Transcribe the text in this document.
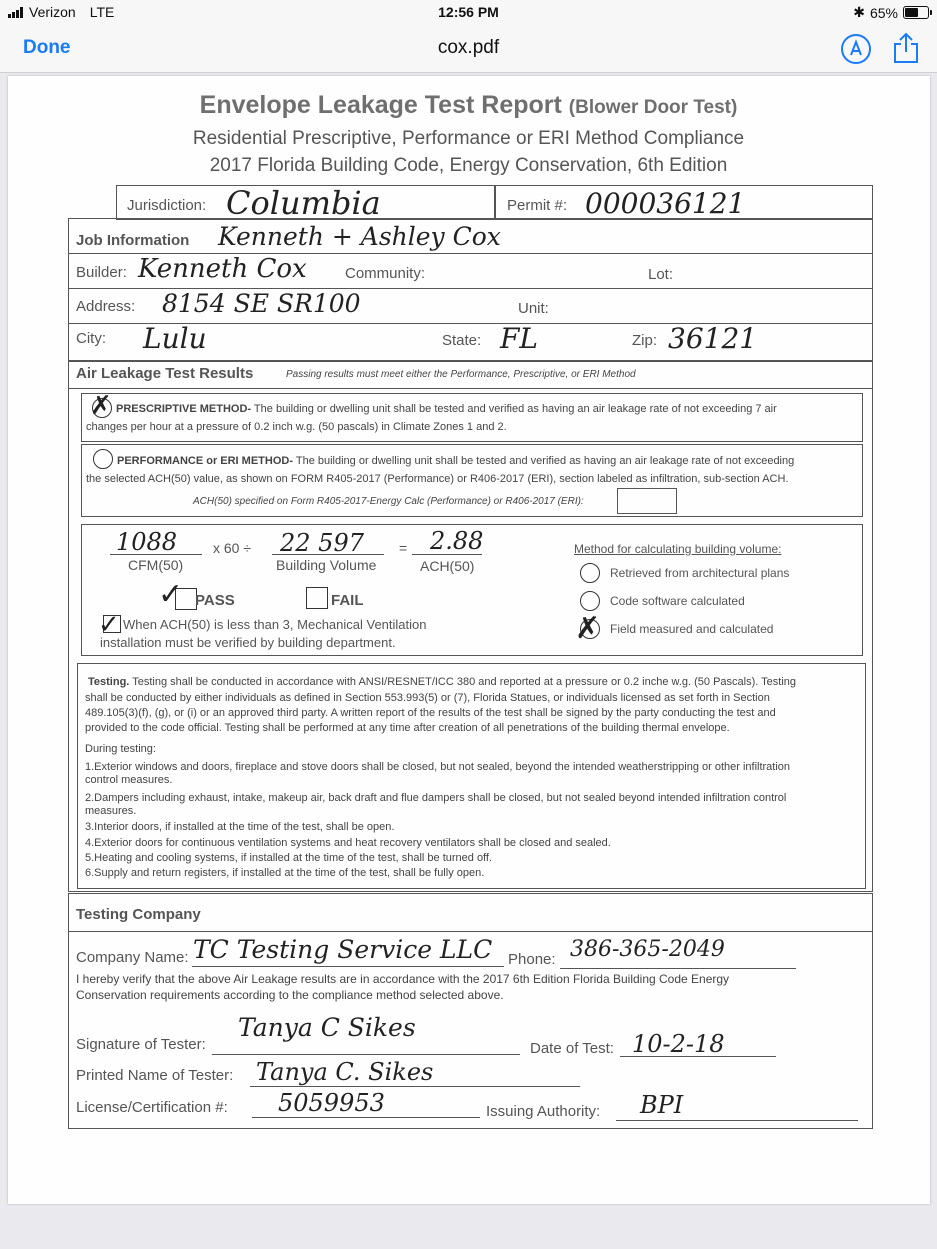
Verizon LTE	12:56 PM	✱ 65%
Done	cox.pdf
Envelope Leakage Test Report (Blower Door Test)
Residential Prescriptive, Performance or ERI Method Compliance
2017 Florida Building Code, Energy Conservation, 6th Edition
Jurisdiction: Columbia	Permit #: 000036121
Job Information Kenneth + Ashley Cox
Builder: Kenneth Cox	Community:	Lot:
Address: 8154 SE SR100	Unit:
City: Lulu	State: FL	Zip: 36121
Air Leakage Test Results	Passing results must meet either the Performance, Prescriptive, or ERI Method
✗ PRESCRIPTIVE METHOD- The building or dwelling unit shall be tested and verified as having an air leakage rate of not exceeding 7 air
changes per hour at a pressure of 0.2 inch w.g. (50 pascals) in Climate Zones 1 and 2.
PERFORMANCE or ERI METHOD- The building or dwelling unit shall be tested and verified as having an air leakage rate of not exceeding
the selected ACH(50) value, as shown on FORM R405-2017 (Performance) or R406-2017 (ERI), section labeled as infiltration, sub-section ACH.
ACH(50) specified on Form R405-2017-Energy Calc (Performance) or R406-2017 (ERI):
1088
CFM(50)
x 60 ÷ 22 597
Building Volume
= 2.88
ACH(50)
✓ PASS	FAIL
✓ When ACH(50) is less than 3, Mechanical Ventilation
installation must be verified by building department.
Method for calculating building volume:
Retrieved from architectural plans
Code software calculated
✗ Field measured and calculated
Testing. Testing shall be conducted in accordance with ANSI/RESNET/ICC 380 and reported at a pressure or 0.2 inche w.g. (50 Pascals). Testing
shall be conducted by either individuals as defined in Section 553.993(5) or (7), Florida Statues, or individuals licensed as set forth in Section
489.105(3)(f), (g), or (i) or an approved third party. A written report of the results of the test shall be signed by the party conducting the test and
provided to the code official. Testing shall be performed at any time after creation of all penetrations of the building thermal envelope.
During testing:
1.Exterior windows and doors, fireplace and stove doors shall be closed, but not sealed, beyond the intended weatherstripping or other infiltration
control measures.
2.Dampers including exhaust, intake, makeup air, back draft and flue dampers shall be closed, but not sealed beyond intended infiltration control
measures.
3.Interior doors, if installed at the time of the test, shall be open.
4.Exterior doors for continuous ventilation systems and heat recovery ventilators shall be closed and sealed.
5.Heating and cooling systems, if installed at the time of the test, shall be turned off.
6.Supply and return registers, if installed at the time of the test, shall be fully open.
Testing Company
Company Name: TC Testing Service LLC Phone: 386-365-2049
I hereby verify that the above Air Leakage results are in accordance with the 2017 6th Edition Florida Building Code Energy
Conservation requirements according to the compliance method selected above.
Signature of Tester:
Tanya C Sikes
Date of Test: 10-2-18
Printed Name of Tester: Tanya C. Sikes
License/Certification #: 5059953	Issuing Authority: BPI
